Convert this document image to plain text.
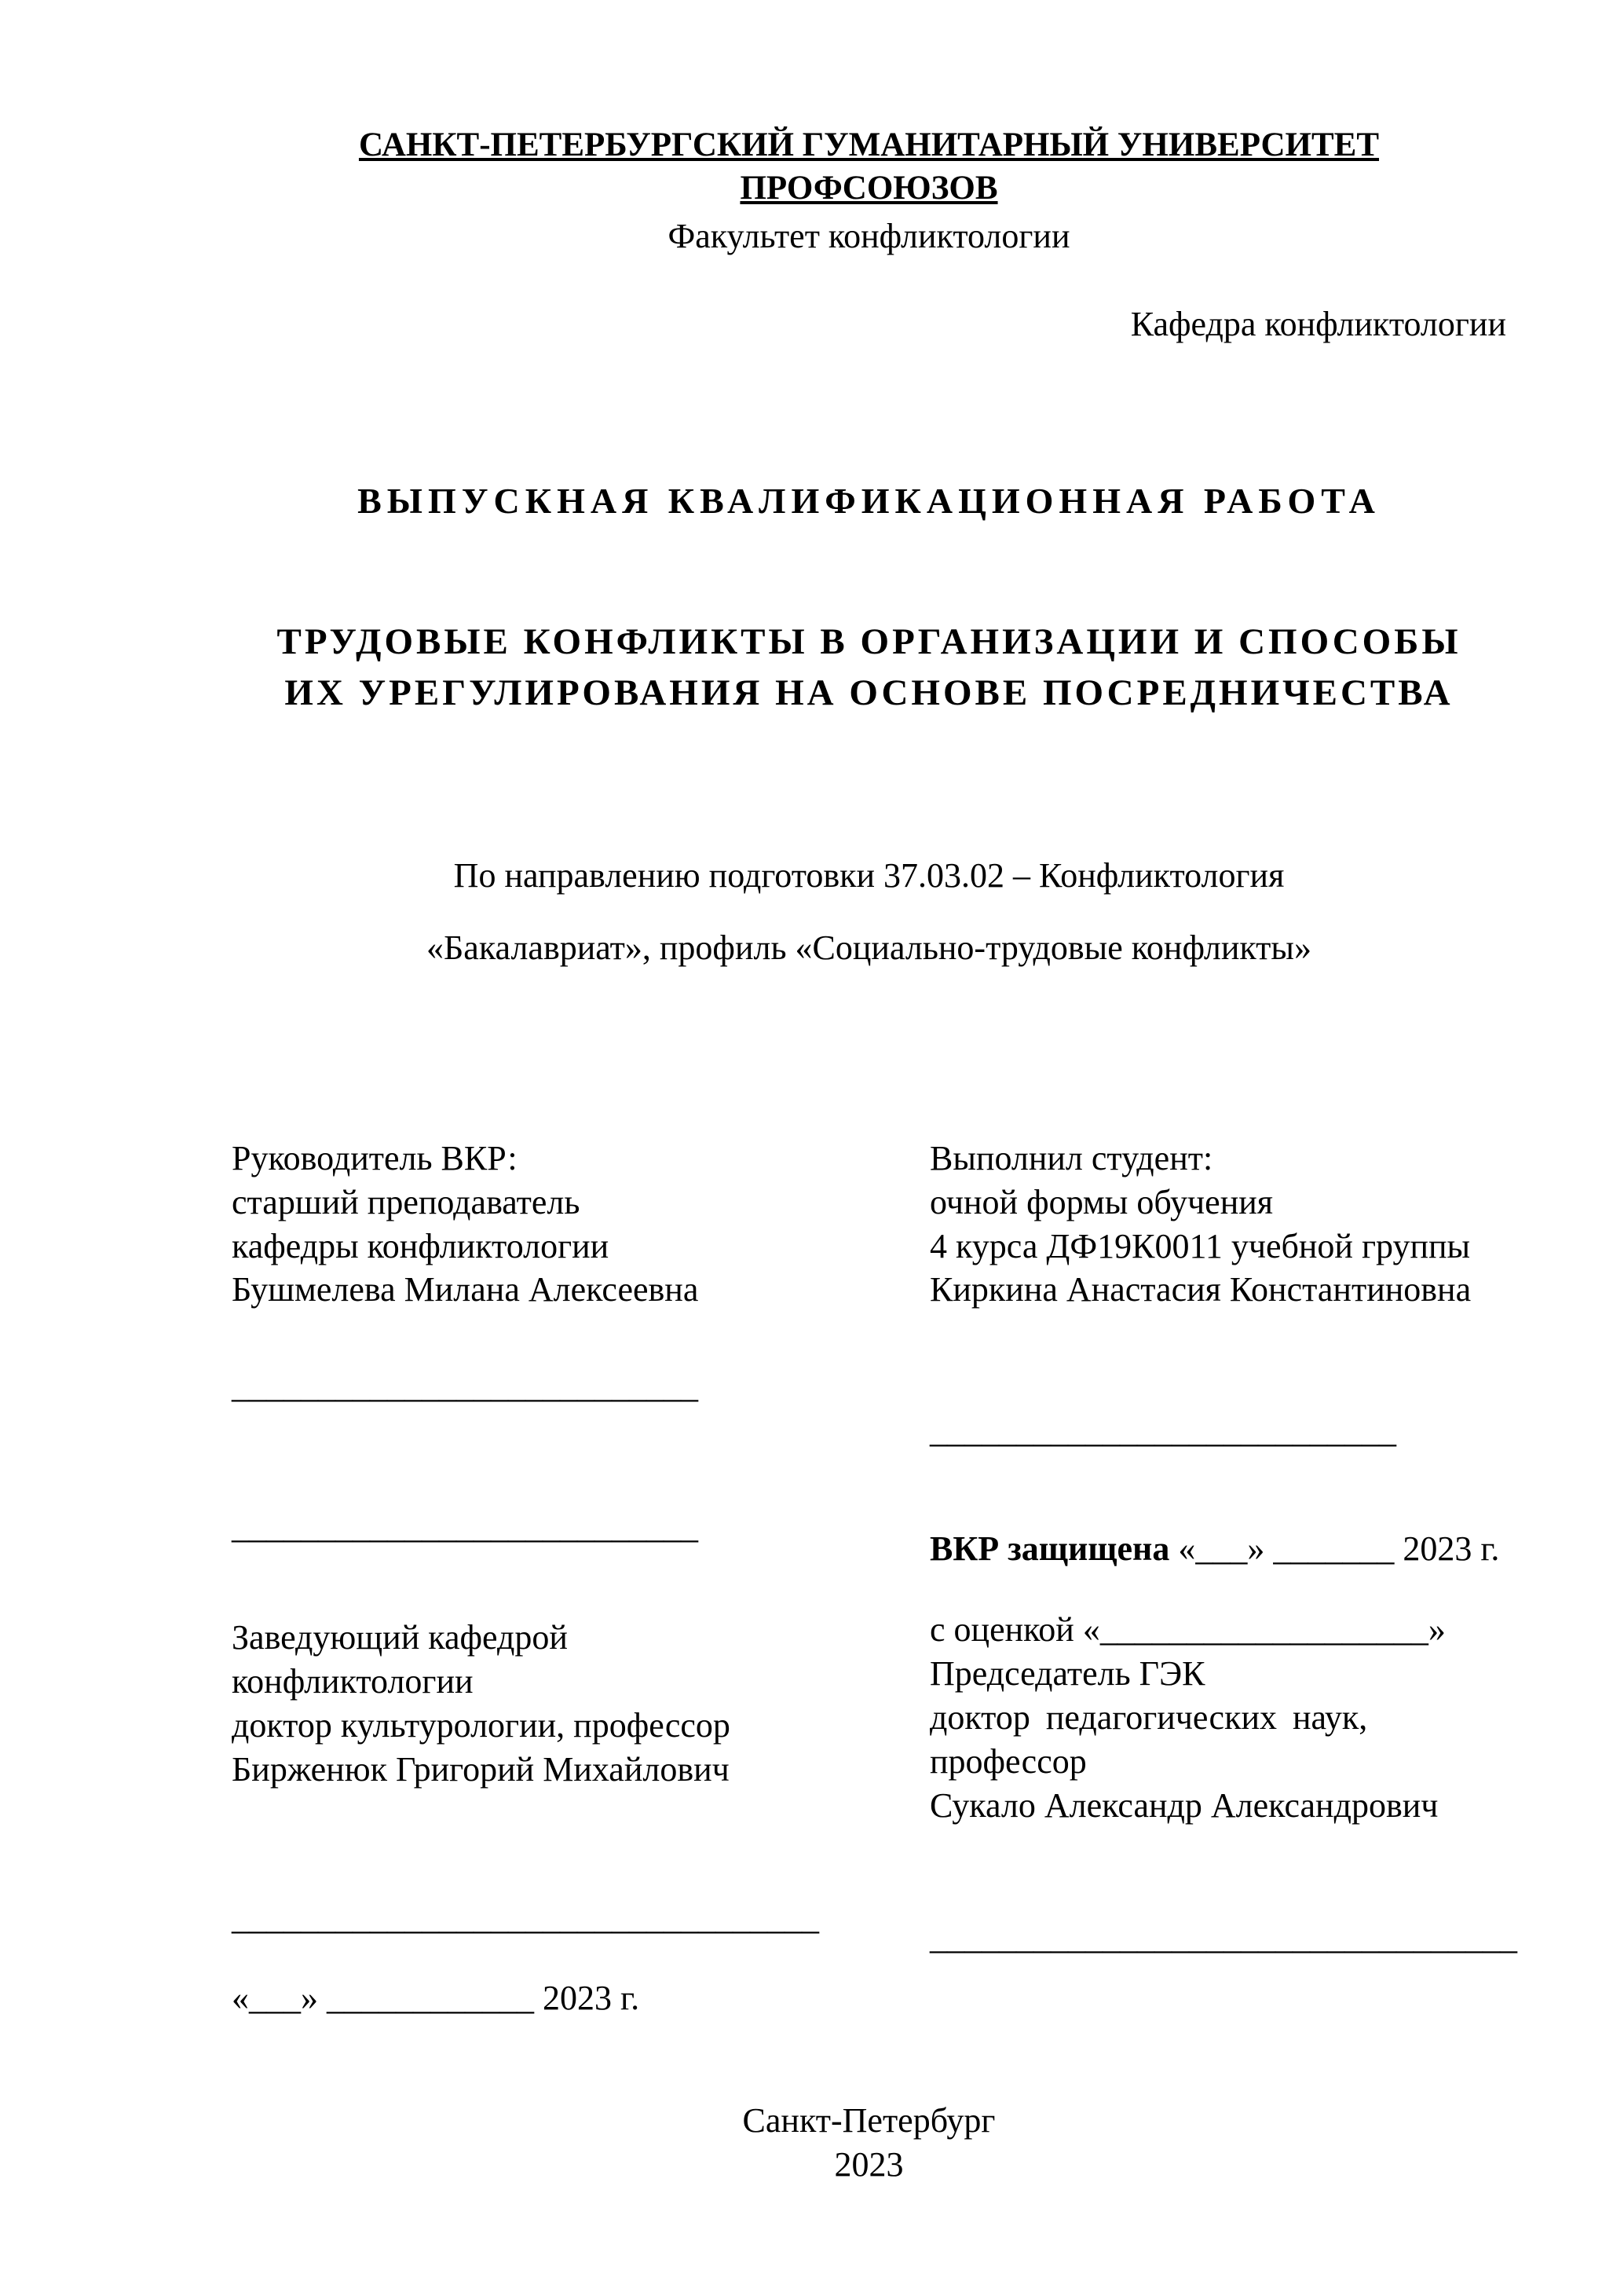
САНКТ-ПЕТЕРБУРГСКИЙ ГУМАНИТАРНЫЙ УНИВЕРСИТЕТ ПРОФСОЮЗОВ
Факультет конфликтологии
Кафедра конфликтологии
ВЫПУСКНАЯ КВАЛИФИКАЦИОННАЯ РАБОТА
ТРУДОВЫЕ КОНФЛИКТЫ В ОРГАНИЗАЦИИ И СПОСОБЫ
ИХ УРЕГУЛИРОВАНИЯ НА ОСНОВЕ ПОСРЕДНИЧЕСТВА
По направлению подготовки 37.03.02 – Конфликтология
«Бакалавриат», профиль «Социально-трудовые конфликты»
Руководитель ВКР:
старший преподаватель
кафедры конфликтологии
Бушмелева Милана Алексеевна
___________________________
___________________________
Заведующий кафедрой
конфликтологии
доктор культурологии, профессор
Бирженюк Григорий Михайлович
__________________________________
«___» ____________ 2023 г.
Выполнил студент:
очной формы обучения
4 курса ДФ19К0011 учебной группы
Киркина Анастасия Константиновна
___________________________
ВКР защищена «___» _______ 2023 г.
с оценкой «___________________»
Председатель ГЭК
доктор педагогических наук, профессор
Сукало Александр Александрович
__________________________________
Санкт-Петербург
2023
